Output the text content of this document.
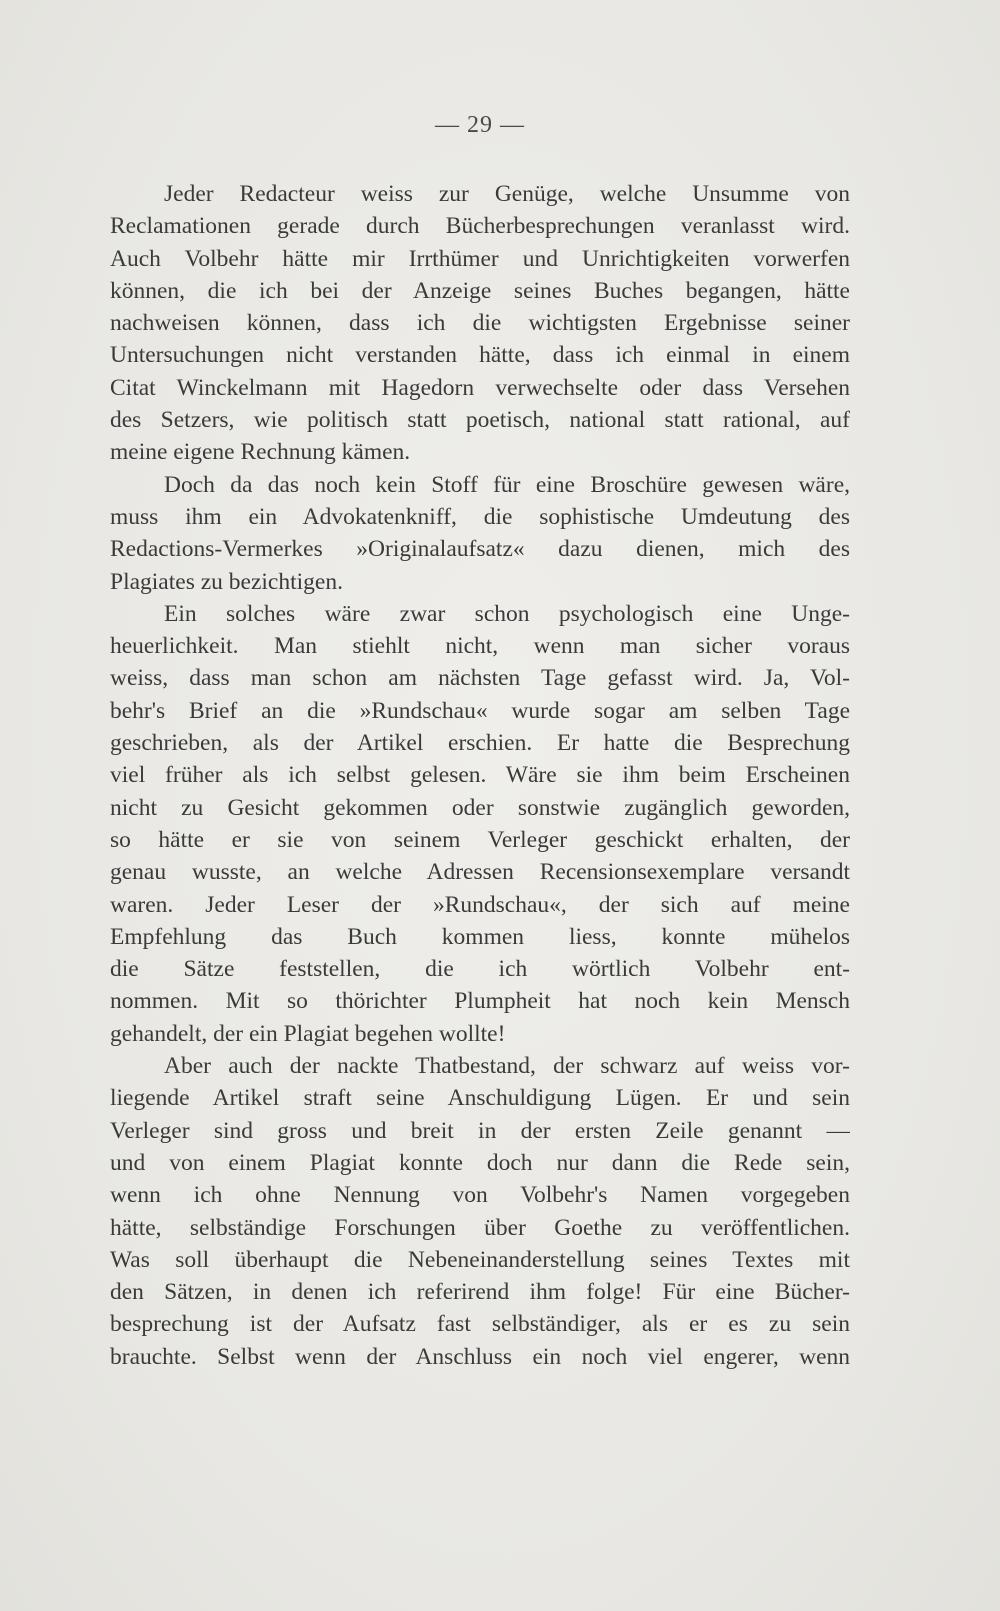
— 29 —
Jeder Redacteur weiss zur Genüge, welche Unsumme von
Reclamationen gerade durch Bücherbesprechungen veranlasst wird.
Auch Volbehr hätte mir Irrthümer und Unrichtigkeiten vorwerfen
können, die ich bei der Anzeige seines Buches begangen, hätte
nachweisen können, dass ich die wichtigsten Ergebnisse seiner
Untersuchungen nicht verstanden hätte, dass ich einmal in einem
Citat Winckelmann mit Hagedorn verwechselte oder dass Versehen
des Setzers, wie politisch statt poetisch, national statt rational, auf
meine eigene Rechnung kämen.
Doch da das noch kein Stoff für eine Broschüre gewesen wäre,
muss ihm ein Advokatenkniff, die sophistische Umdeutung des
Redactions-Vermerkes »Originalaufsatz« dazu dienen, mich des
Plagiates zu bezichtigen.
Ein solches wäre zwar schon psychologisch eine Unge-
heuerlichkeit. Man stiehlt nicht, wenn man sicher voraus
weiss, dass man schon am nächsten Tage gefasst wird. Ja, Vol-
behr's Brief an die »Rundschau« wurde sogar am selben Tage
geschrieben, als der Artikel erschien. Er hatte die Besprechung
viel früher als ich selbst gelesen. Wäre sie ihm beim Erscheinen
nicht zu Gesicht gekommen oder sonstwie zugänglich geworden,
so hätte er sie von seinem Verleger geschickt erhalten, der
genau wusste, an welche Adressen Recensionsexemplare versandt
waren. Jeder Leser der »Rundschau«, der sich auf meine
Empfehlung das Buch kommen liess, konnte mühelos
die Sätze feststellen, die ich wörtlich Volbehr ent-
nommen. Mit so thörichter Plumpheit hat noch kein Mensch
gehandelt, der ein Plagiat begehen wollte!
Aber auch der nackte Thatbestand, der schwarz auf weiss vor-
liegende Artikel straft seine Anschuldigung Lügen. Er und sein
Verleger sind gross und breit in der ersten Zeile genannt —
und von einem Plagiat konnte doch nur dann die Rede sein,
wenn ich ohne Nennung von Volbehr's Namen vorgegeben
hätte, selbständige Forschungen über Goethe zu veröffentlichen.
Was soll überhaupt die Nebeneinanderstellung seines Textes mit
den Sätzen, in denen ich referirend ihm folge! Für eine Bücher-
besprechung ist der Aufsatz fast selbständiger, als er es zu sein
brauchte. Selbst wenn der Anschluss ein noch viel engerer, wenn
